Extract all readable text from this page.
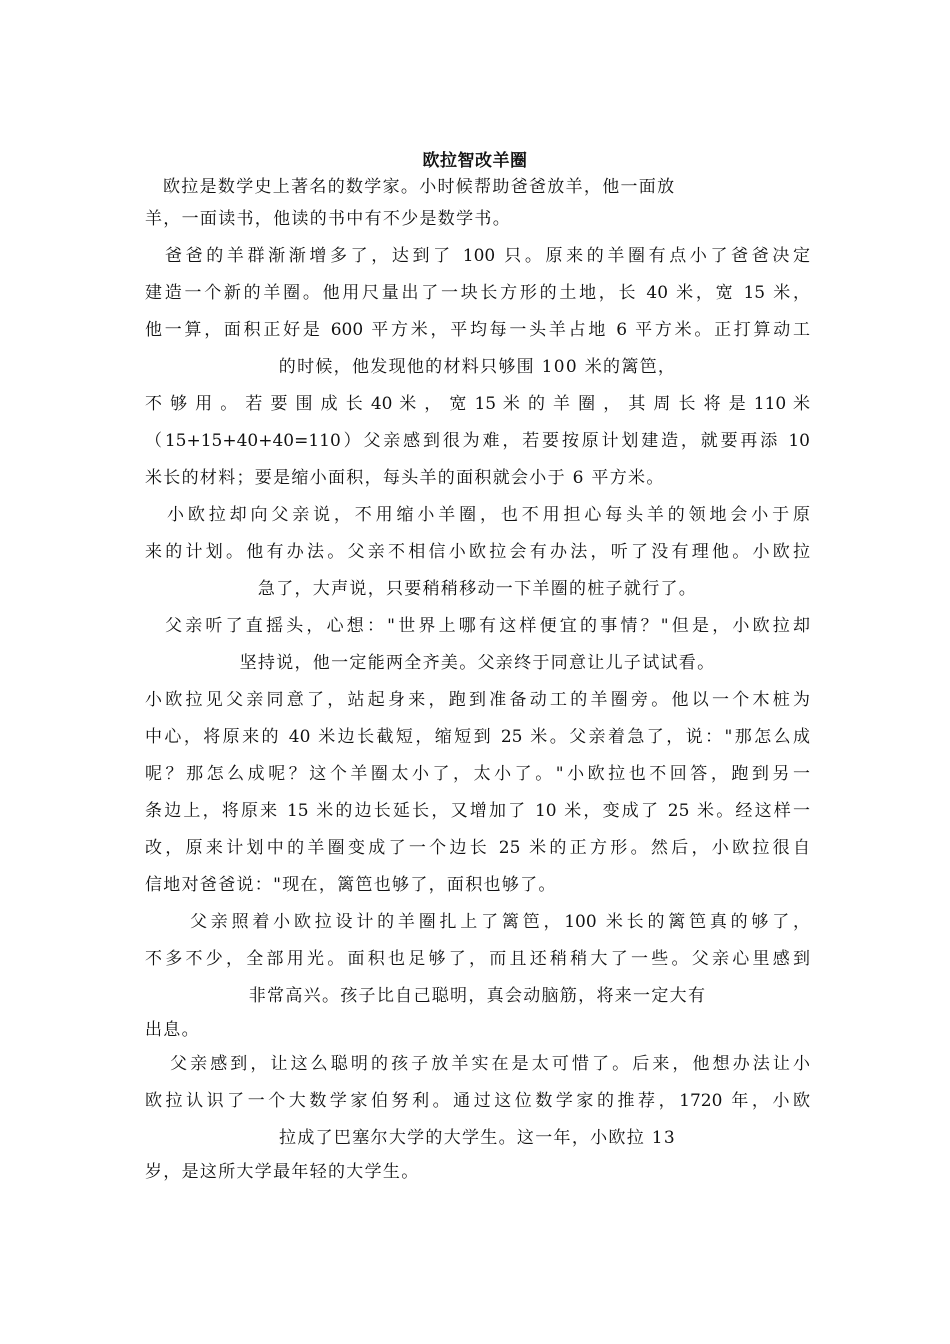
欧拉智改羊圈
欧拉是数学史上著名的数学家。小时候帮助爸爸放羊，他一面放
羊，一面读书，他读的书中有不少是数学书。
爸爸的羊群渐渐增多了，达到了 100 只。原来的羊圈有点小了爸爸决定
建造一个新的羊圈。他用尺量出了一块长方形的土地，长 40 米，宽 15 米，
他一算，面积正好是 600 平方米，平均每一头羊占地 6 平方米。正打算动工
的时候，他发现他的材料只够围 100 米的篱笆，
不 够 用 。 若 要 围 成 长 40 米 ， 宽 15 米 的 羊 圈 ， 其 周 长 将 是 110 米
（15+15+40+40=110）父亲感到很为难，若要按原计划建造，就要再添 10
米长的材料；要是缩小面积，每头羊的面积就会小于 6 平方米。
小欧拉却向父亲说，不用缩小羊圈，也不用担心每头羊的领地会小于原
来的计划。他有办法。父亲不相信小欧拉会有办法，听了没有理他。小欧拉
急了，大声说，只要稍稍移动一下羊圈的桩子就行了。
父亲听了直摇头，心想："世界上哪有这样便宜的事情？"但是，小欧拉却
坚持说，他一定能两全齐美。父亲终于同意让儿子试试看。
小欧拉见父亲同意了，站起身来，跑到准备动工的羊圈旁。他以一个木桩为
中心，将原来的 40 米边长截短，缩短到 25 米。父亲着急了，说："那怎么成
呢？那怎么成呢？这个羊圈太小了，太小了。"小欧拉也不回答，跑到另一
条边上，将原来 15 米的边长延长，又增加了 10 米，变成了 25 米。经这样一
改，原来计划中的羊圈变成了一个边长 25 米的正方形。然后，小欧拉很自
信地对爸爸说："现在，篱笆也够了，面积也够了。
父亲照着小欧拉设计的羊圈扎上了篱笆，100 米长的篱笆真的够了，
不多不少，全部用光。面积也足够了，而且还稍稍大了一些。父亲心里感到
非常高兴。孩子比自己聪明，真会动脑筋，将来一定大有
出息。
父亲感到，让这么聪明的孩子放羊实在是太可惜了。后来，他想办法让小
欧拉认识了一个大数学家伯努利。通过这位数学家的推荐，1720 年，小欧
拉成了巴塞尔大学的大学生。这一年，小欧拉 13
岁，是这所大学最年轻的大学生。
